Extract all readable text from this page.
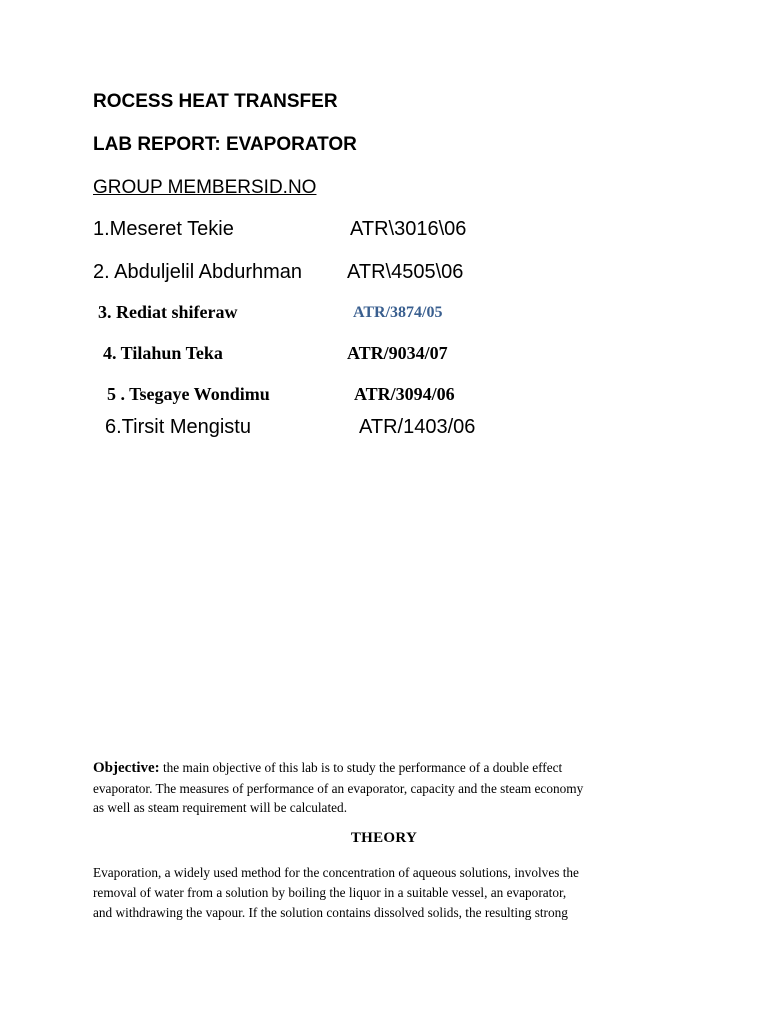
ROCESS HEAT TRANSFER
LAB REPORT: EVAPORATOR
GROUP MEMBERSID.NO
1.Meseret Tekie	ATR\3016\06
2. Abduljelil Abdurhman ATR\4505\06
3. Rediat shiferaw	ATR/3874/05
4. Tilahun Teka	ATR/9034/07
5 . Tsegaye Wondimu	ATR/3094/06
6.Tirsit Mengistu	ATR/1403/06
Objective: the main objective of this lab is to study the performance of a double effect
evaporator. The measures of performance of an evaporator, capacity and the steam economy
as well as steam requirement will be calculated.
THEORY
Evaporation, a widely used method for the concentration of aqueous solutions, involves the
removal of water from a solution by boiling the liquor in a suitable vessel, an evaporator,
and withdrawing the vapour. If the solution contains dissolved solids, the resulting strong
